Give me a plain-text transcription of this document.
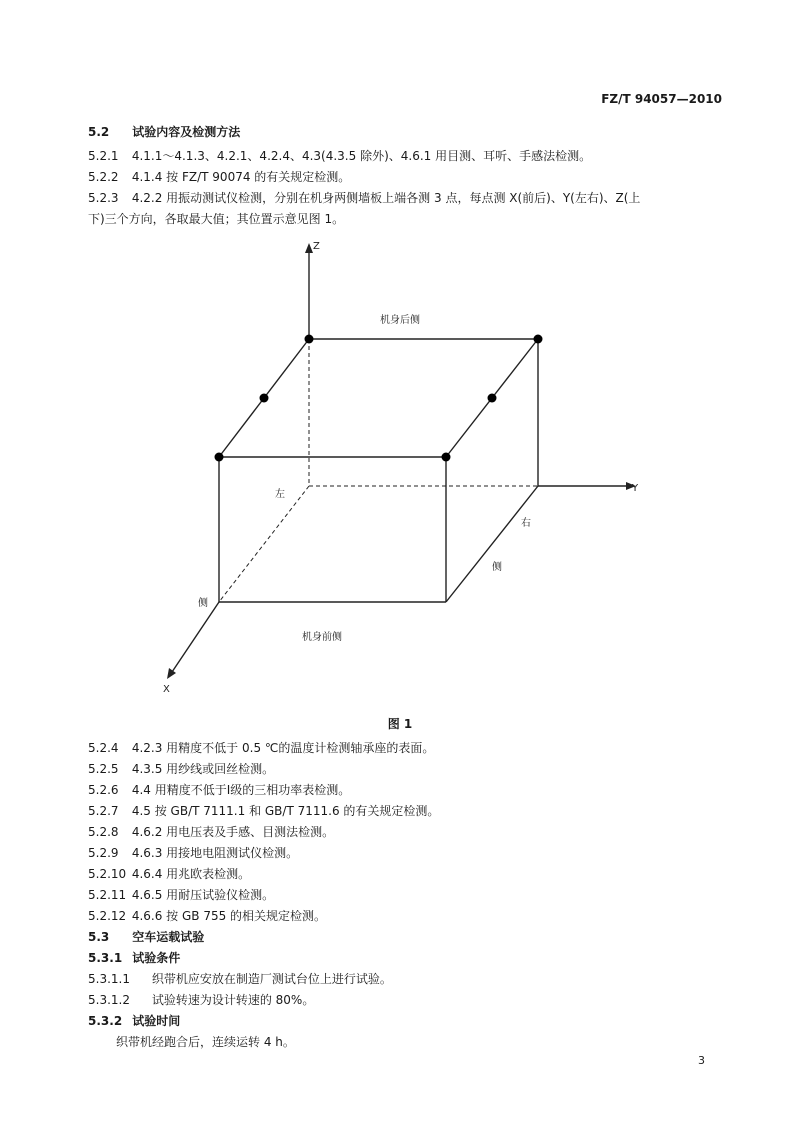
FZ/T 94057—2010
5.2 试验内容及检测方法
5.2.1 4.1.1～4.1.3、4.2.1、4.2.4、4.3(4.3.5 除外)、4.6.1 用目测、耳听、手感法检测。
5.2.2 4.1.4 按 FZ/T 90074 的有关规定检测。
5.2.3 4.2.2 用振动测试仪检测，分别在机身两侧墙板上端各测 3 点，每点测 X(前后)、Y(左右)、Z(上
下)三个方向，各取最大值；其位置示意见图 1。
Z
Y
X
机身后侧
机身前侧
左
侧
右
侧
图 1
5.2.4 4.2.3 用精度不低于 0.5 ℃的温度计检测轴承座的表面。
5.2.5 4.3.5 用纱线或回丝检测。
5.2.6 4.4 用精度不低于Ⅰ级的三相功率表检测。
5.2.7 4.5 按 GB/T 7111.1 和 GB/T 7111.6 的有关规定检测。
5.2.8 4.6.2 用电压表及手感、目测法检测。
5.2.9 4.6.3 用接地电阻测试仪检测。
5.2.10 4.6.4 用兆欧表检测。
5.2.11 4.6.5 用耐压试验仪检测。
5.2.12 4.6.6 按 GB 755 的相关规定检测。
5.3 空车运载试验
5.3.1 试验条件
5.3.1.1 织带机应安放在制造厂测试台位上进行试验。
5.3.1.2 试验转速为设计转速的 80%。
5.3.2 试验时间
织带机经跑合后，连续运转 4 h。
3
